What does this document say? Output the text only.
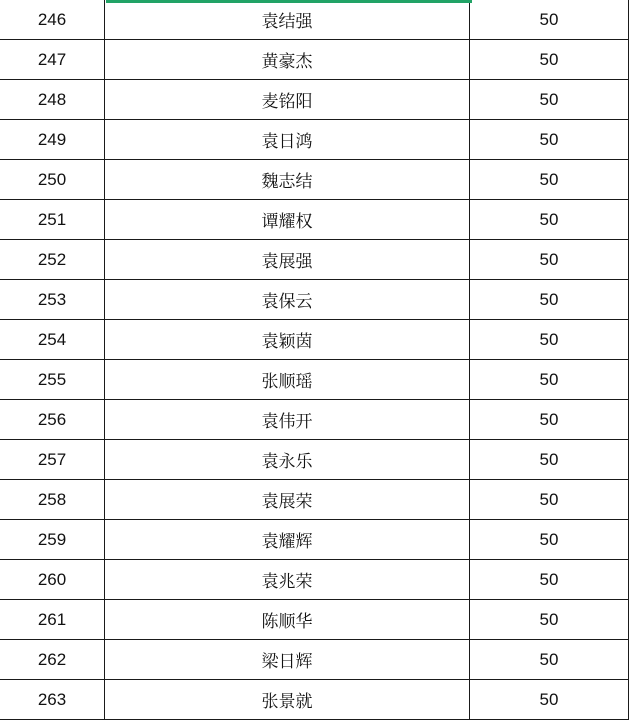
246	袁结强	50
247	黄豪杰	50
248	麦铭阳	50
249	袁日鸿	50
250	魏志结	50
251	谭耀权	50
252	袁展强	50
253	袁保云	50
254	袁颖茵	50
255	张顺瑶	50
256	袁伟开	50
257	袁永乐	50
258	袁展荣	50
259	袁耀辉	50
260	袁兆荣	50
261	陈顺华	50
262	梁日辉	50
263	张景就	50
